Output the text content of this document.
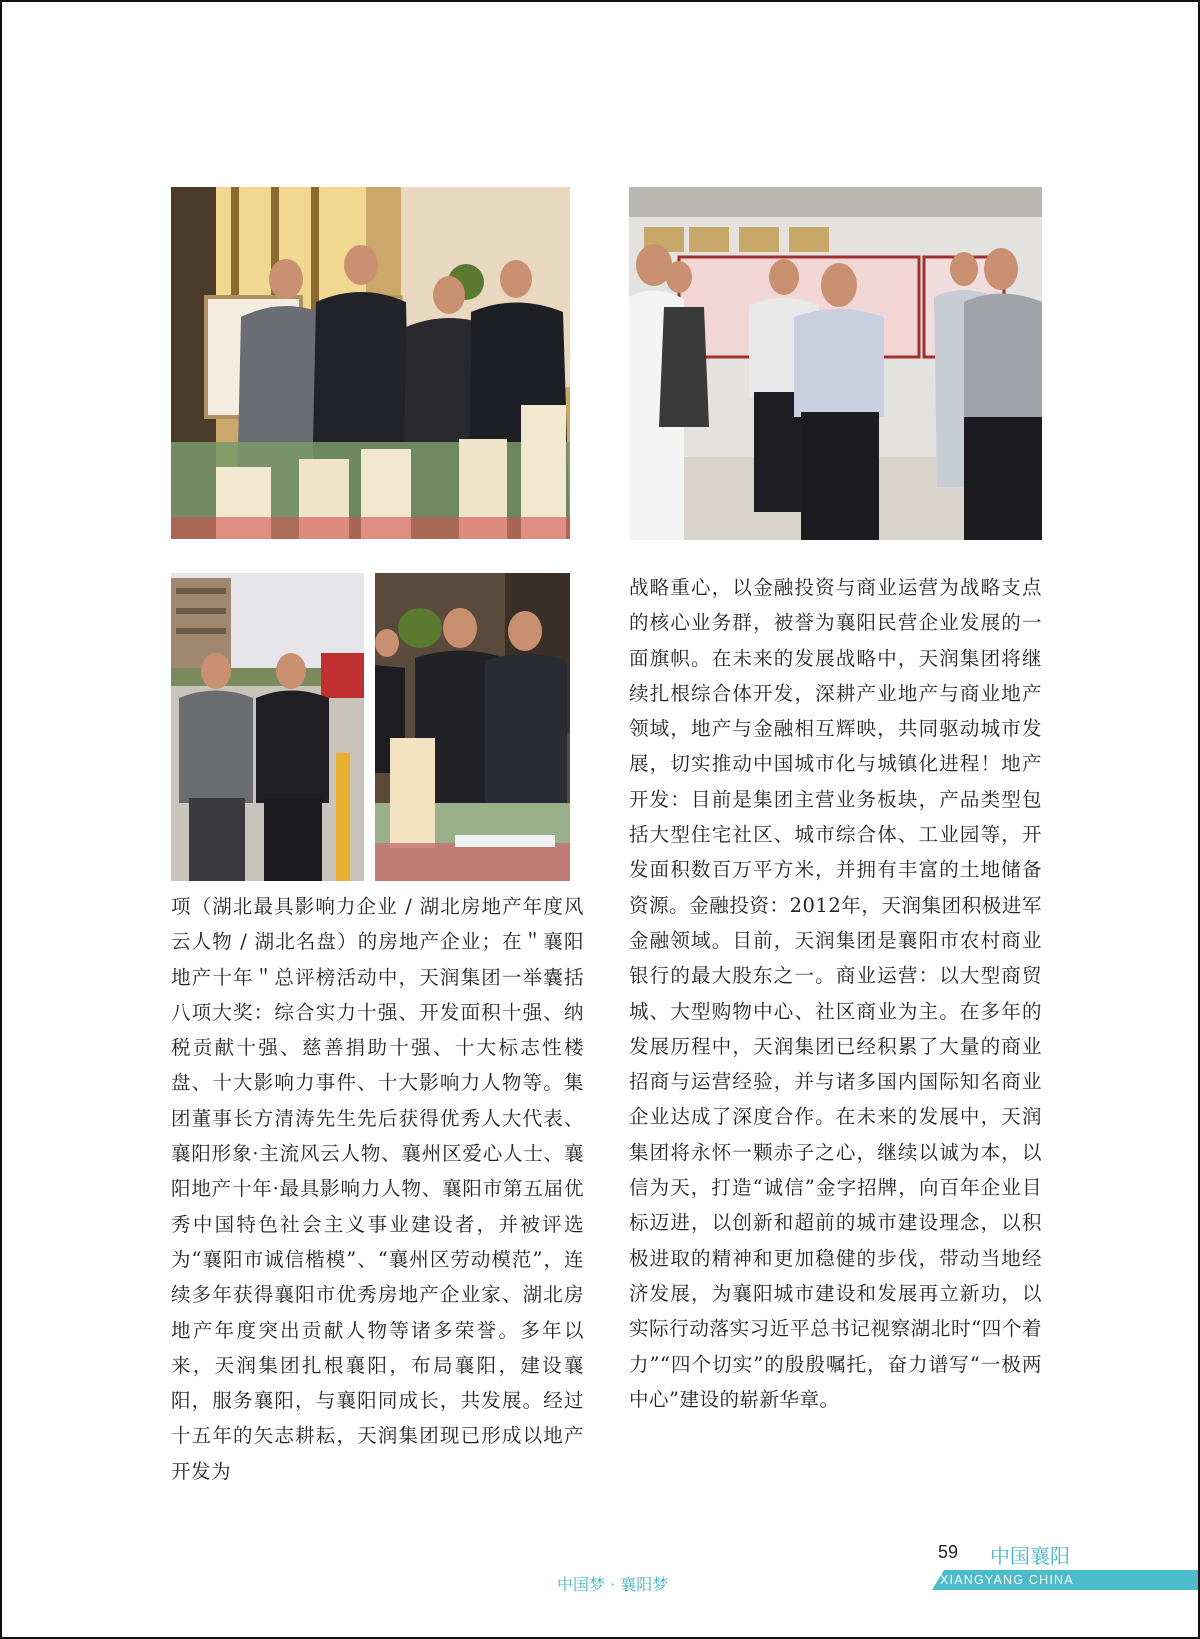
项（湖北最具影响力企业 / 湖北房地产年度风云人物 / 湖北名盘）的房地产企业；在＂襄阳地产十年＂总评榜活动中，天润集团一举囊括八项大奖：综合实力十强、开发面积十强、纳税贡献十强、慈善捐助十强、十大标志性楼盘、十大影响力事件、十大影响力人物等。集团董事长方清涛先生先后获得优秀人大代表、襄阳形象·主流风云人物、襄州区爱心人士、襄阳地产十年·最具影响力人物、襄阳市第五届优秀中国特色社会主义事业建设者，并被评选为“襄阳市诚信楷模”、“襄州区劳动模范”，连续多年获得襄阳市优秀房地产企业家、湖北房地产年度突出贡献人物等诸多荣誉。多年以来，天润集团扎根襄阳，布局襄阳，建设襄阳，服务襄阳，与襄阳同成长，共发展。经过十五年的矢志耕耘，天润集团现已形成以地产开发为

战略重心，以金融投资与商业运营为战略支点的核心业务群，被誉为襄阳民营企业发展的一面旗帜。在未来的发展战略中，天润集团将继续扎根综合体开发，深耕产业地产与商业地产领域，地产与金融相互辉映，共同驱动城市发展，切实推动中国城市化与城镇化进程！地产开发：目前是集团主营业务板块，产品类型包括大型住宅社区、城市综合体、工业园等，开发面积数百万平方米，并拥有丰富的土地储备资源。金融投资：2012年，天润集团积极进军金融领域。目前，天润集团是襄阳市农村商业银行的最大股东之一。商业运营：以大型商贸城、大型购物中心、社区商业为主。在多年的发展历程中，天润集团已经积累了大量的商业招商与运营经验，并与诸多国内国际知名商业企业达成了深度合作。在未来的发展中，天润集团将永怀一颗赤子之心，继续以诚为本，以信为天，打造“诚信”金字招牌，向百年企业目标迈进，以创新和超前的城市建设理念，以积极进取的精神和更加稳健的步伐，带动当地经济发展，为襄阳城市建设和发展再立新功，以实际行动落实习近平总书记视察湖北时“四个着力”“四个切实”的殷殷嘱托，奋力谱写“一极两中心”建设的崭新华章。

59 中国襄阳
XIANGYANG CHINA
中国梦 · 襄阳梦
